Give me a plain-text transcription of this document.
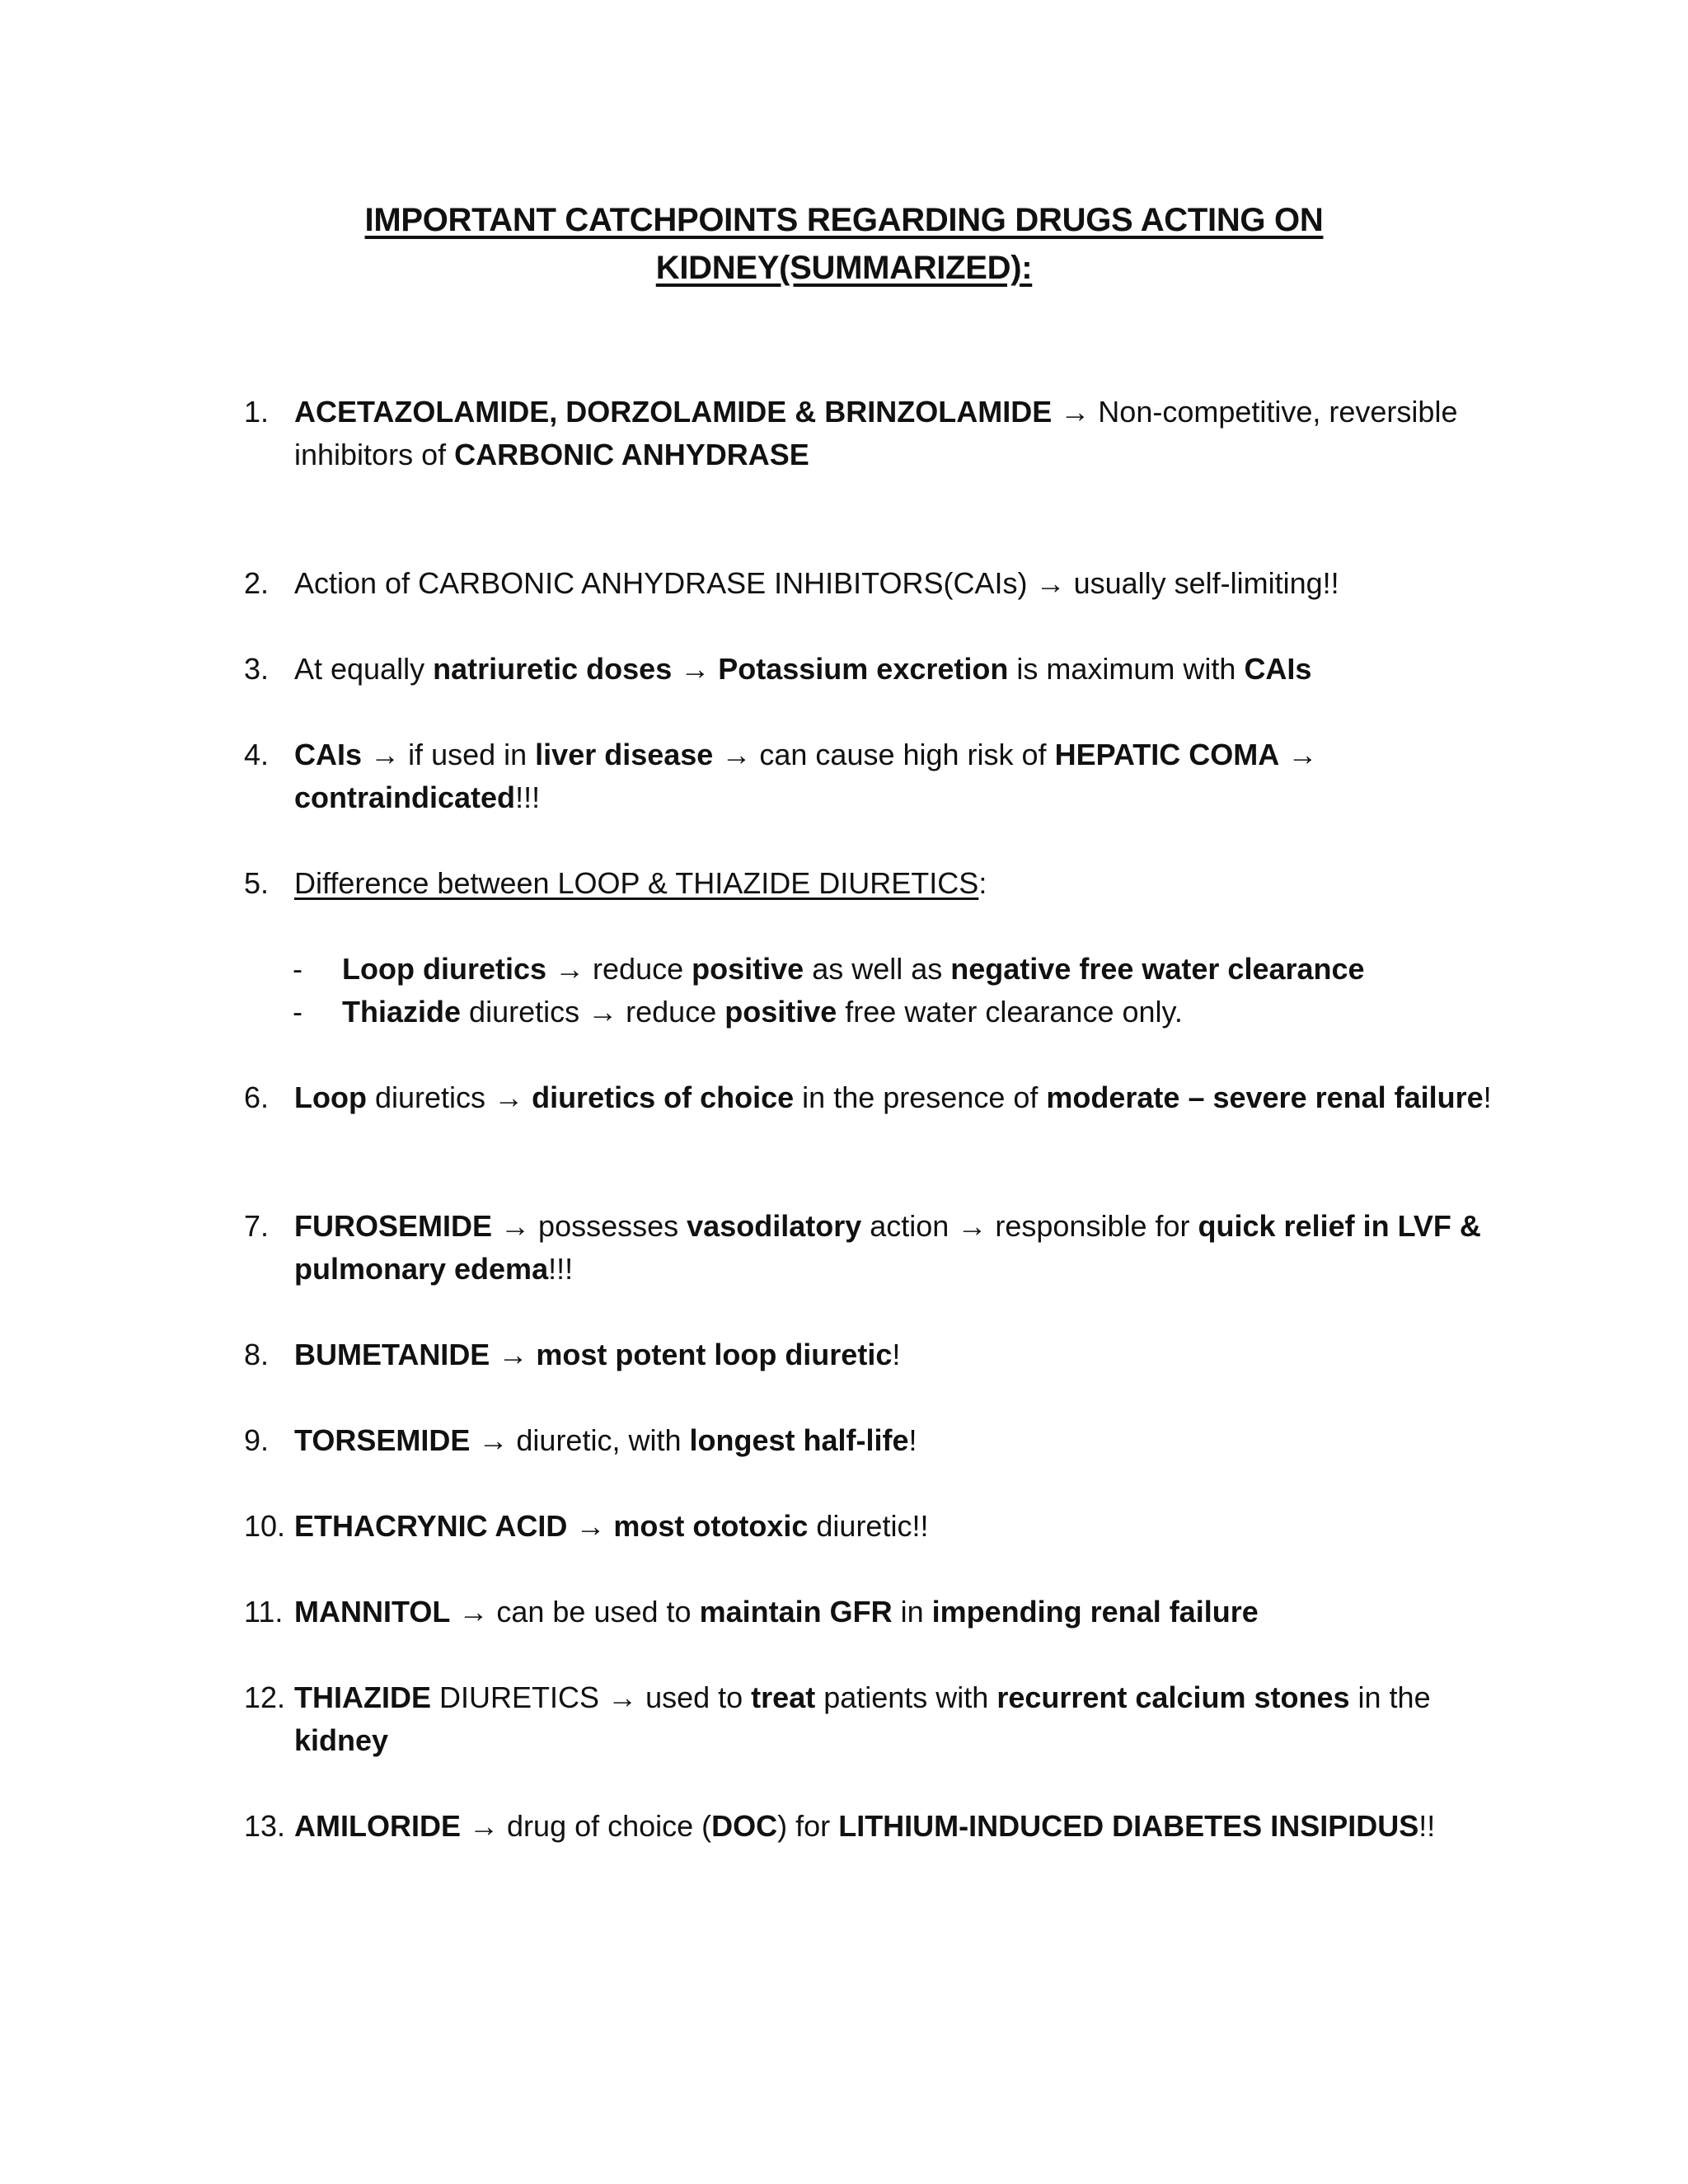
IMPORTANT CATCHPOINTS REGARDING DRUGS ACTING ON
KIDNEY(SUMMARIZED):
1. ACETAZOLAMIDE, DORZOLAMIDE & BRINZOLAMIDE → Non-competitive, reversible
inhibitors of CARBONIC ANHYDRASE
2. Action of CARBONIC ANHYDRASE INHIBITORS(CAIs) → usually self-limiting!!
3. At equally natriuretic doses → Potassium excretion is maximum with CAIs
4. CAIs → if used in liver disease → can cause high risk of HEPATIC COMA →
contraindicated!!!
5. Difference between LOOP & THIAZIDE DIURETICS:
- Loop diuretics → reduce positive as well as negative free water clearance
- Thiazide diuretics → reduce positive free water clearance only.
6. Loop diuretics → diuretics of choice in the presence of moderate – severe renal failure!
7. FUROSEMIDE → possesses vasodilatory action → responsible for quick relief in LVF &
pulmonary edema!!!
8. BUMETANIDE → most potent loop diuretic!
9. TORSEMIDE → diuretic, with longest half-life!
10. ETHACRYNIC ACID → most ototoxic diuretic!!
11. MANNITOL → can be used to maintain GFR in impending renal failure
12. THIAZIDE DIURETICS → used to treat patients with recurrent calcium stones in the
kidney
13. AMILORIDE → drug of choice (DOC) for LITHIUM-INDUCED DIABETES INSIPIDUS!!
